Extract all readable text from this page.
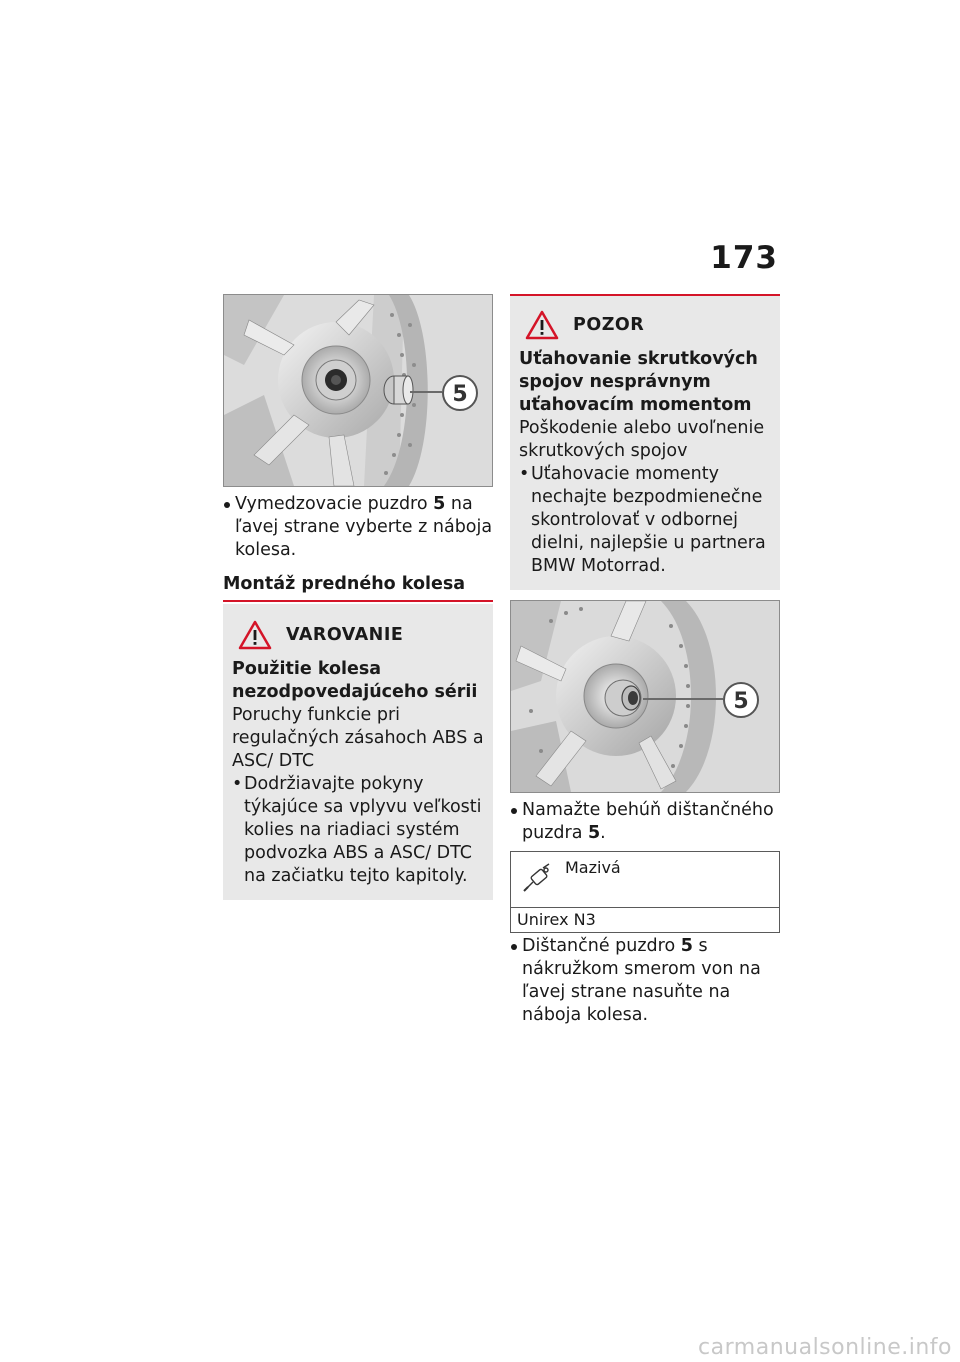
173
5
Vymedzovacie puzdro 5 na ľavej strane vyberte z náboja kolesa.
Montáž predného kolesa
VAROVANIE
Použitie kolesa nezodpovedajúceho sérii
Poruchy funkcie pri regulačných zásahoch ABS a ASC/ DTC
• Dodržiavajte pokyny týkajúce sa vplyvu veľkosti kolies na riadiaci systém podvozka ABS a ASC/ DTC na začiatku tejto kapitoly.
POZOR
Uťahovanie skrutkových spojov nesprávnym uťahovacím momentom
Poškodenie alebo uvoľnenie skrutkových spojov
• Uťahovacie momenty nechajte bezpodmienečne skontrolovať v odbornej dielni, najlepšie u partnera BMW Motorrad.
5
Namažte behúň dištančného puzdra 5.
Mazivá
Unirex N3
Dištančné puzdro 5 s nákružkom smerom von na ľavej strane nasuňte na náboja kolesa.
carmanualsonline.info
